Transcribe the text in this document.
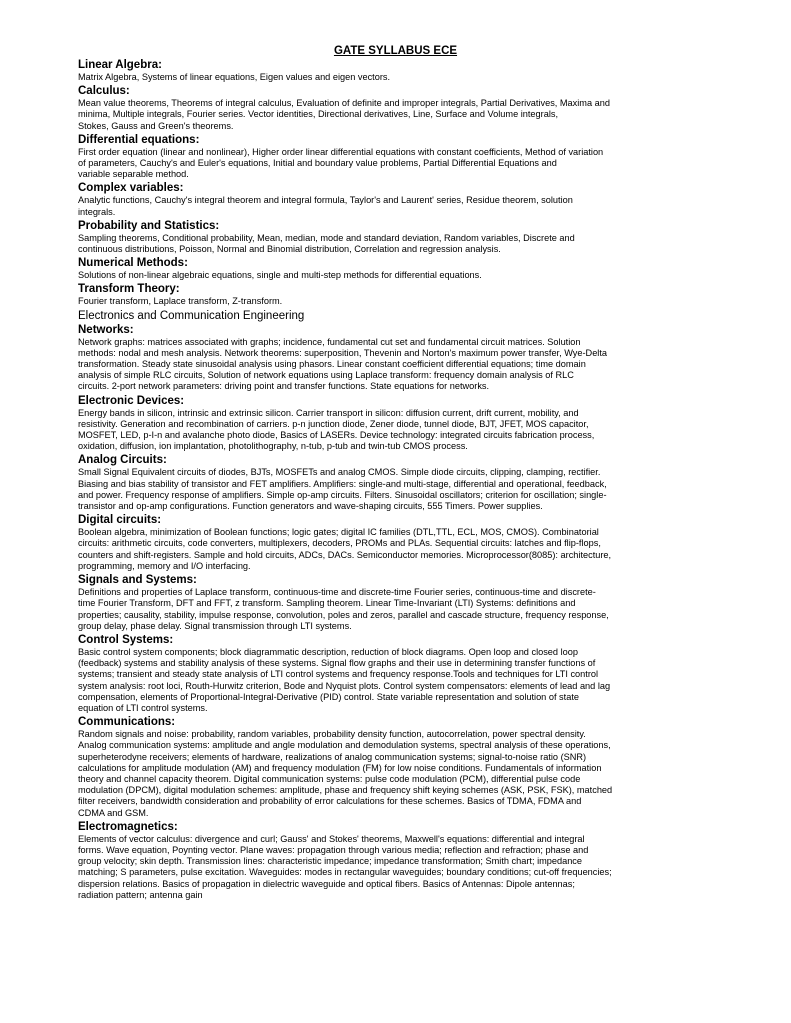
GATE SYLLABUS ECE
Linear Algebra:
Matrix Algebra, Systems of linear equations, Eigen values and eigen vectors.
Calculus:
Mean value theorems, Theorems of integral calculus, Evaluation of definite and improper integrals, Partial Derivatives, Maxima and
minima, Multiple integrals, Fourier series. Vector identities, Directional derivatives, Line, Surface and Volume integrals,
Stokes, Gauss and Green's theorems.
Differential equations:
First order equation (linear and nonlinear), Higher order linear differential equations with constant coefficients, Method of variation
of parameters, Cauchy's and Euler's equations, Initial and boundary value problems, Partial Differential Equations and
variable separable method.
Complex variables:
Analytic functions, Cauchy's integral theorem and integral formula, Taylor's and Laurent' series, Residue theorem, solution
integrals.
Probability and Statistics:
Sampling theorems, Conditional probability, Mean, median, mode and standard deviation, Random variables, Discrete and
continuous distributions, Poisson, Normal and Binomial distribution, Correlation and regression analysis.
Numerical Methods:
Solutions of non-linear algebraic equations, single and multi-step methods for differential equations.
Transform Theory:
Fourier transform, Laplace transform, Z-transform.
Electronics and Communication Engineering
Networks:
Network graphs: matrices associated with graphs; incidence, fundamental cut set and fundamental circuit matrices. Solution
methods: nodal and mesh analysis. Network theorems: superposition, Thevenin and Norton's maximum power transfer, Wye-Delta
transformation. Steady state sinusoidal analysis using phasors. Linear constant coefficient differential equations; time domain
analysis of simple RLC circuits, Solution of network equations using Laplace transform: frequency domain analysis of RLC
circuits. 2-port network parameters: driving point and transfer functions. State equations for networks.
Electronic Devices:
Energy bands in silicon, intrinsic and extrinsic silicon. Carrier transport in silicon: diffusion current, drift current, mobility, and
resistivity. Generation and recombination of carriers. p-n junction diode, Zener diode, tunnel diode, BJT, JFET, MOS capacitor,
MOSFET, LED, p-I-n and avalanche photo diode, Basics of LASERs. Device technology: integrated circuits fabrication process,
oxidation, diffusion, ion implantation, photolithography, n-tub, p-tub and twin-tub CMOS process.
Analog Circuits:
Small Signal Equivalent circuits of diodes, BJTs, MOSFETs and analog CMOS. Simple diode circuits, clipping, clamping, rectifier.
Biasing and bias stability of transistor and FET amplifiers. Amplifiers: single-and multi-stage, differential and operational, feedback,
and power. Frequency response of amplifiers. Simple op-amp circuits. Filters. Sinusoidal oscillators; criterion for oscillation; single-
transistor and op-amp configurations. Function generators and wave-shaping circuits, 555 Timers. Power supplies.
Digital circuits:
Boolean algebra, minimization of Boolean functions; logic gates; digital IC families (DTL,TTL, ECL, MOS, CMOS). Combinatorial
circuits: arithmetic circuits, code converters, multiplexers, decoders, PROMs and PLAs. Sequential circuits: latches and flip-flops,
counters and shift-registers. Sample and hold circuits, ADCs, DACs. Semiconductor memories. Microprocessor(8085): architecture,
programming, memory and I/O interfacing.
Signals and Systems:
Definitions and properties of Laplace transform, continuous-time and discrete-time Fourier series, continuous-time and discrete-
time Fourier Transform, DFT and FFT, z transform. Sampling theorem. Linear Time-Invariant (LTI) Systems: definitions and
properties; causality, stability, impulse response, convolution, poles and zeros, parallel and cascade structure, frequency response,
group delay, phase delay. Signal transmission through LTI systems.
Control Systems:
Basic control system components; block diagrammatic description, reduction of block diagrams. Open loop and closed loop
(feedback) systems and stability analysis of these systems. Signal flow graphs and their use in determining transfer functions of
systems; transient and steady state analysis of LTI control systems and frequency response.Tools and techniques for LTI control
system analysis: root loci, Routh-Hurwitz criterion, Bode and Nyquist plots. Control system compensators: elements of lead and lag
compensation, elements of Proportional-Integral-Derivative (PID) control. State variable representation and solution of state
equation of LTI control systems.
Communications:
Random signals and noise: probability, random variables, probability density function, autocorrelation, power spectral density.
Analog communication systems: amplitude and angle modulation and demodulation systems, spectral analysis of these operations,
superheterodyne receivers; elements of hardware, realizations of analog communication systems; signal-to-noise ratio (SNR)
calculations for amplitude modulation (AM) and frequency modulation (FM) for low noise conditions. Fundamentals of information
theory and channel capacity theorem. Digital communication systems: pulse code modulation (PCM), differential pulse code
modulation (DPCM), digital modulation schemes: amplitude, phase and frequency shift keying schemes (ASK, PSK, FSK), matched
filter receivers, bandwidth consideration and probability of error calculations for these schemes. Basics of TDMA, FDMA and
CDMA and GSM.
Electromagnetics:
Elements of vector calculus: divergence and curl; Gauss' and Stokes' theorems, Maxwell's equations: differential and integral
forms. Wave equation, Poynting vector. Plane waves: propagation through various media; reflection and refraction; phase and
group velocity; skin depth. Transmission lines: characteristic impedance; impedance transformation; Smith chart; impedance
matching; S parameters, pulse excitation. Waveguides: modes in rectangular waveguides; boundary conditions; cut-off frequencies;
dispersion relations. Basics of propagation in dielectric waveguide and optical fibers. Basics of Antennas: Dipole antennas;
radiation pattern; antenna gain
